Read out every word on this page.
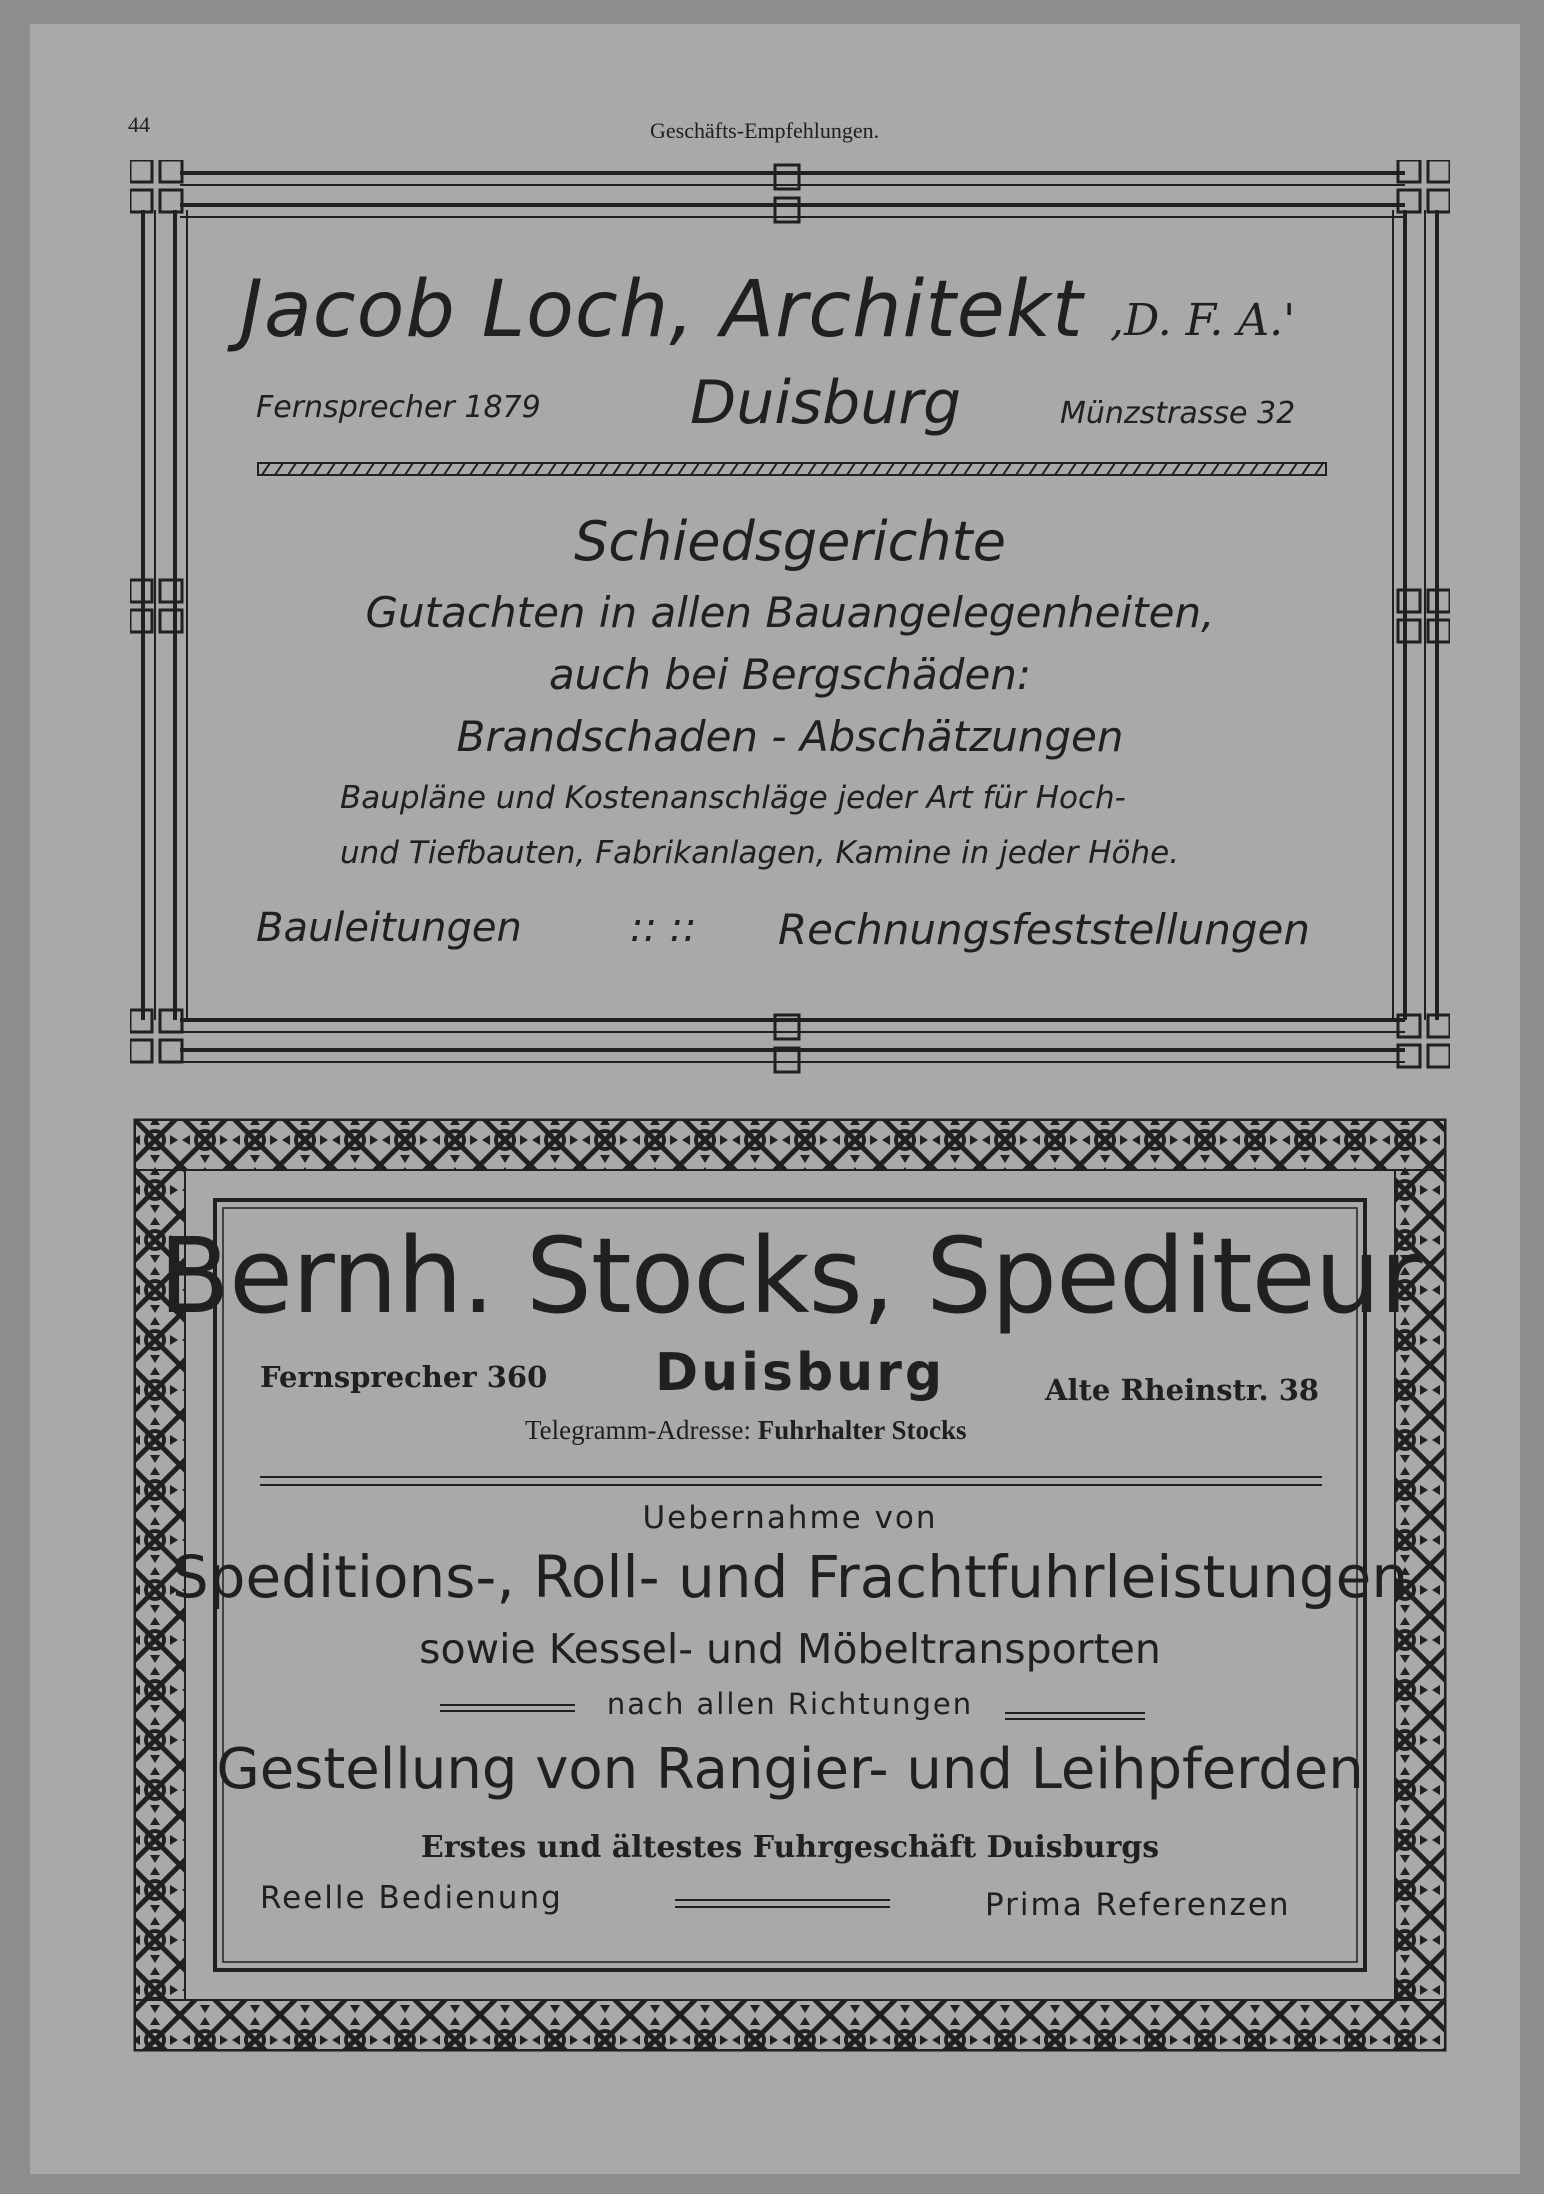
44	Geschäfts-Empfehlungen.
Jacob Loch, Architekt ,D. F. A.'
Fernsprecher 1879 Duisburg	Münzstrasse 32
Schiedsgerichte
Gutachten in allen Bauangelegenheiten,
auch bei Bergschäden:
Brandschaden - Abschätzungen
Baupläne und Kostenanschläge jeder Art für Hoch-
und Tiefbauten, Fabrikanlagen, Kamine in jeder Höhe.
Bauleitungen	:: :: Rechnungsfeststellungen
Bernh. Stocks, Spediteur
Fernsprecher 360 Duisburg	Alte Rheinstr. 38
Telegramm-Adresse: Fuhrhalter Stocks
Uebernahme von
Speditions-, Roll- und Frachtfuhrleistungen
sowie Kessel- und Möbeltransporten
nach allen Richtungen
Gestellung von Rangier- und Leihpferden
Erstes und ältestes Fuhrgeschäft Duisburgs
Reelle Bedienung	Prima Referenzen
